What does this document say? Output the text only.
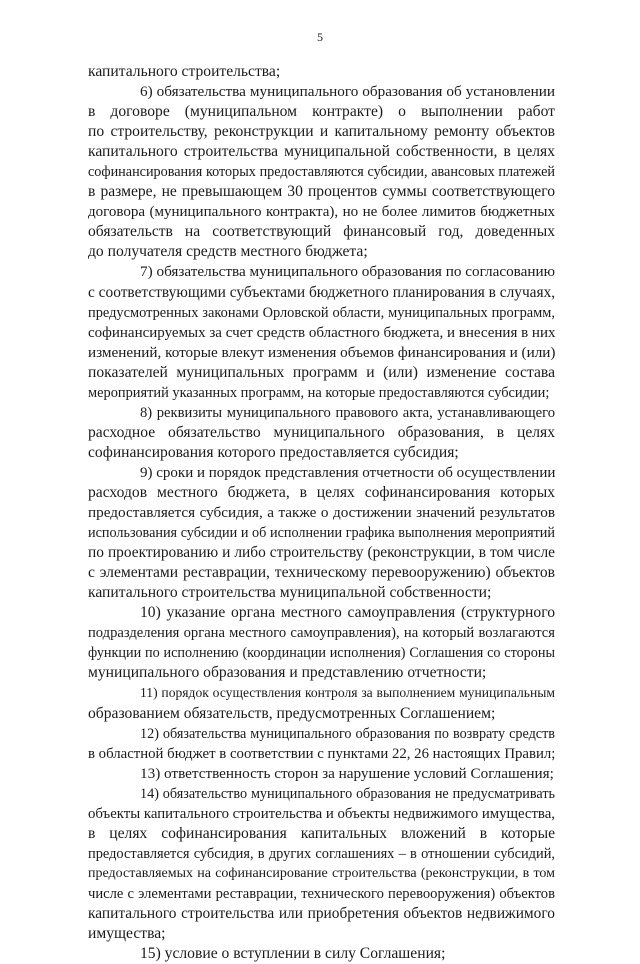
5
капитального строительства;
6) обязательства муниципального образования об установлении
в договоре (муниципальном контракте) о выполнении работ
по строительству, реконструкции и капитальному ремонту объектов
капитального строительства муниципальной собственности, в целях
софинансирования которых предоставляются субсидии, авансовых платежей
в размере, не превышающем 30 процентов суммы соответствующего
договора (муниципального контракта), но не более лимитов бюджетных
обязательств на соответствующий финансовый год, доведенных
до получателя средств местного бюджета;
7) обязательства муниципального образования по согласованию
с соответствующими субъектами бюджетного планирования в случаях,
предусмотренных законами Орловской области, муниципальных программ,
софинансируемых за счет средств областного бюджета, и внесения в них
изменений, которые влекут изменения объемов финансирования и (или)
показателей муниципальных программ и (или) изменение состава
мероприятий указанных программ, на которые предоставляются субсидии;
8) реквизиты муниципального правового акта, устанавливающего
расходное обязательство муниципального образования, в целях
софинансирования которого предоставляется субсидия;
9) сроки и порядок представления отчетности об осуществлении
расходов местного бюджета, в целях софинансирования которых
предоставляется субсидия, а также о достижении значений результатов
использования субсидии и об исполнении графика выполнения мероприятий
по проектированию и либо строительству (реконструкции, в том числе
с элементами реставрации, техническому перевооружению) объектов
капитального строительства муниципальной собственности;
10) указание органа местного самоуправления (структурного
подразделения органа местного самоуправления), на который возлагаются
функции по исполнению (координации исполнения) Соглашения со стороны
муниципального образования и представлению отчетности;
11) порядок осуществления контроля за выполнением муниципальным
образованием обязательств, предусмотренных Соглашением;
12) обязательства муниципального образования по возврату средств
в областной бюджет в соответствии с пунктами 22, 26 настоящих Правил;
13) ответственность сторон за нарушение условий Соглашения;
14) обязательство муниципального образования не предусматривать
объекты капитального строительства и объекты недвижимого имущества,
в целях софинансирования капитальных вложений в которые
предоставляется субсидия, в других соглашениях – в отношении субсидий,
предоставляемых на софинансирование строительства (реконструкции, в том
числе с элементами реставрации, технического перевооружения) объектов
капитального строительства или приобретения объектов недвижимого
имущества;
15) условие о вступлении в силу Соглашения;
